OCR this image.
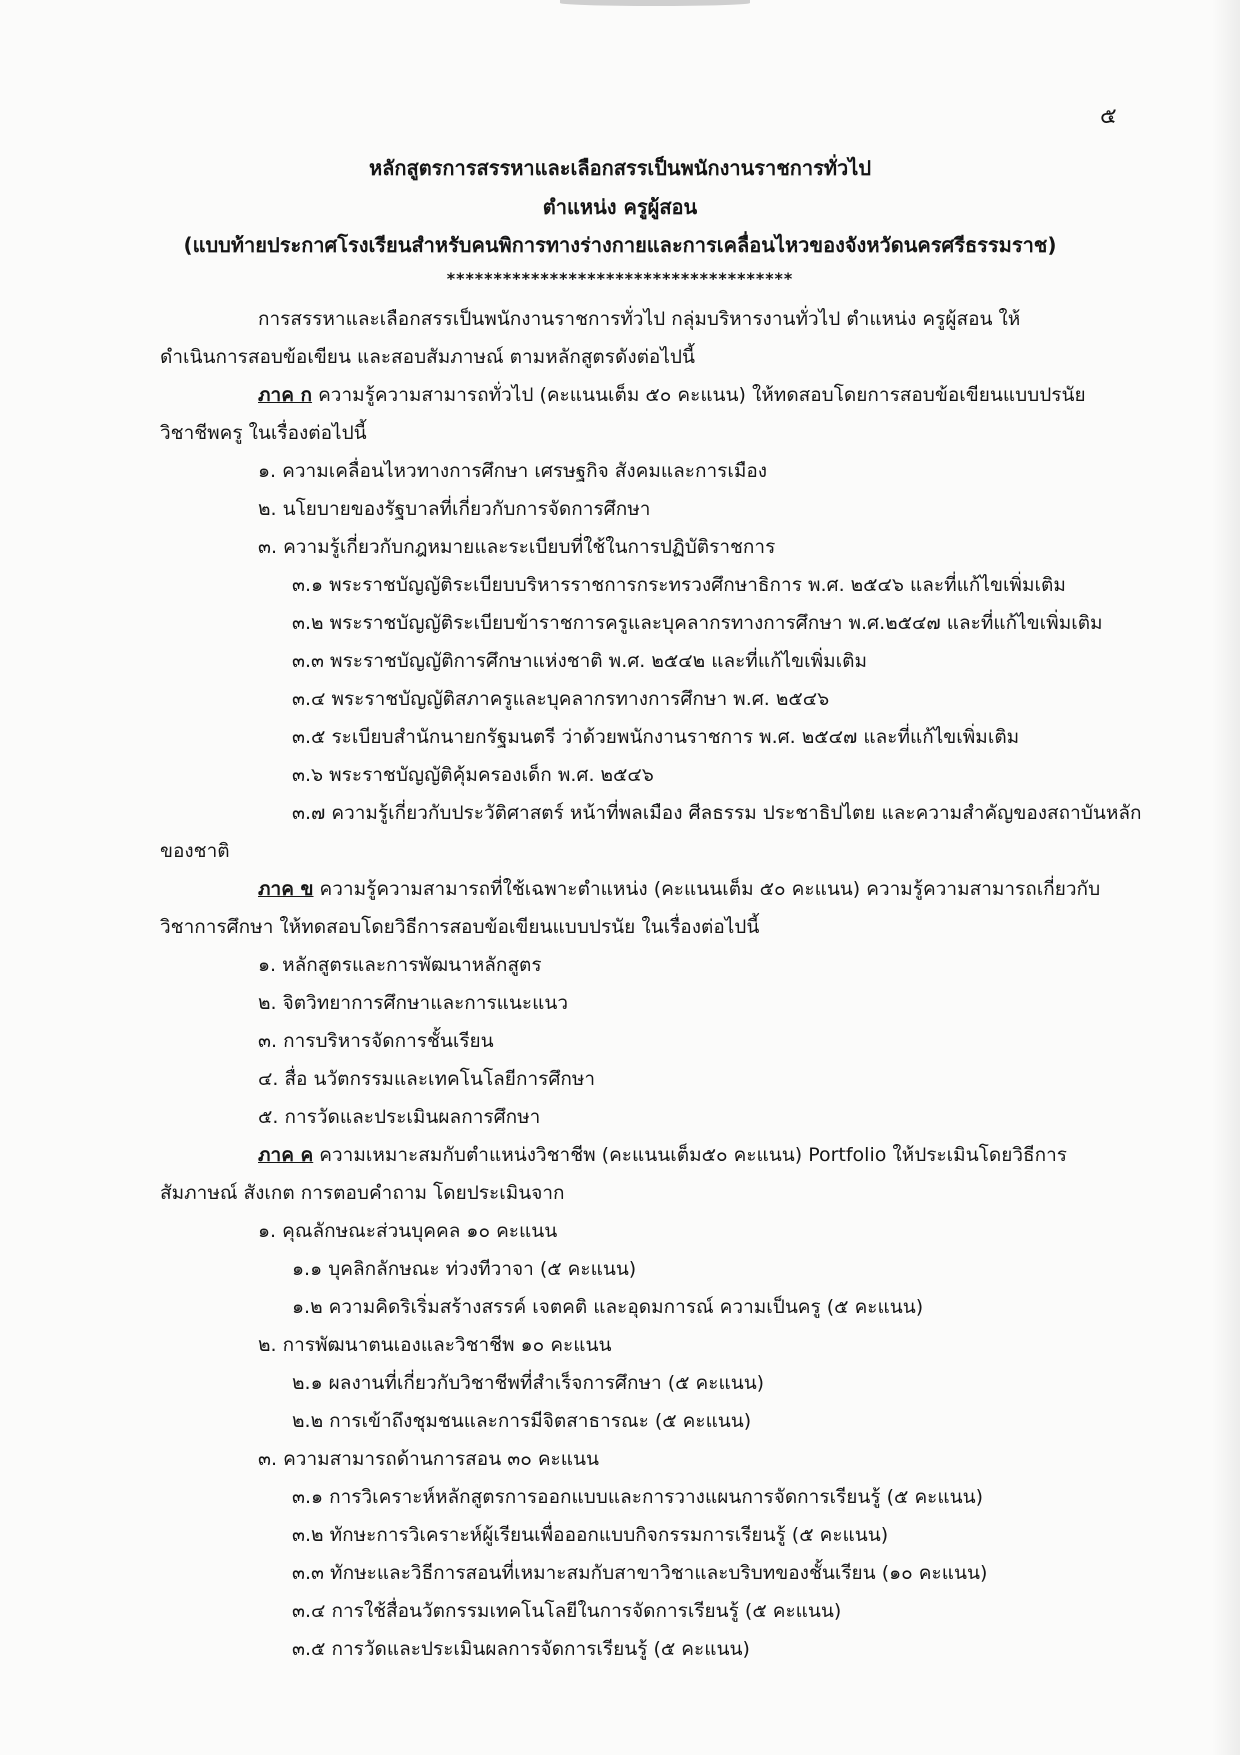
๕
หลักสูตรการสรรหาและเลือกสรรเป็นพนักงานราชการทั่วไป
ตำแหน่ง ครูผู้สอน
(แบบท้ายประกาศโรงเรียนสำหรับคนพิการทางร่างกายและการเคลื่อนไหวของจังหวัดนครศรีธรรมราช)
*************************************
การสรรหาและเลือกสรรเป็นพนักงานราชการทั่วไป กลุ่มบริหารงานทั่วไป ตำแหน่ง ครูผู้สอน ให้
ดำเนินการสอบข้อเขียน และสอบสัมภาษณ์ ตามหลักสูตรดังต่อไปนี้
ภาค ก ความรู้ความสามารถทั่วไป (คะแนนเต็ม ๕๐ คะแนน) ให้ทดสอบโดยการสอบข้อเขียนแบบปรนัย
วิชาชีพครู ในเรื่องต่อไปนี้
๑. ความเคลื่อนไหวทางการศึกษา เศรษฐกิจ สังคมและการเมือง
๒. นโยบายของรัฐบาลที่เกี่ยวกับการจัดการศึกษา
๓. ความรู้เกี่ยวกับกฎหมายและระเบียบที่ใช้ในการปฏิบัติราชการ
๓.๑ พระราชบัญญัติระเบียบบริหารราชการกระทรวงศึกษาธิการ พ.ศ. ๒๕๔๖ และที่แก้ไขเพิ่มเติม
๓.๒ พระราชบัญญัติระเบียบข้าราชการครูและบุคลากรทางการศึกษา พ.ศ.๒๕๔๗ และที่แก้ไขเพิ่มเติม
๓.๓ พระราชบัญญัติการศึกษาแห่งชาติ พ.ศ. ๒๕๔๒ และที่แก้ไขเพิ่มเติม
๓.๔ พระราชบัญญัติสภาครูและบุคลากรทางการศึกษา พ.ศ. ๒๕๔๖
๓.๕ ระเบียบสำนักนายกรัฐมนตรี ว่าด้วยพนักงานราชการ พ.ศ. ๒๕๔๗ และที่แก้ไขเพิ่มเติม
๓.๖ พระราชบัญญัติคุ้มครองเด็ก พ.ศ. ๒๕๔๖
๓.๗ ความรู้เกี่ยวกับประวัติศาสตร์ หน้าที่พลเมือง ศีลธรรม ประชาธิปไตย และความสำคัญของสถาบันหลัก
ของชาติ
ภาค ข ความรู้ความสามารถที่ใช้เฉพาะตำแหน่ง (คะแนนเต็ม ๕๐ คะแนน) ความรู้ความสามารถเกี่ยวกับ
วิชาการศึกษา ให้ทดสอบโดยวิธีการสอบข้อเขียนแบบปรนัย ในเรื่องต่อไปนี้
๑. หลักสูตรและการพัฒนาหลักสูตร
๒. จิตวิทยาการศึกษาและการแนะแนว
๓. การบริหารจัดการชั้นเรียน
๔. สื่อ นวัตกรรมและเทคโนโลยีการศึกษา
๕. การวัดและประเมินผลการศึกษา
ภาค ค ความเหมาะสมกับตำแหน่งวิชาชีพ (คะแนนเต็ม๕๐ คะแนน) Portfolio ให้ประเมินโดยวิธีการ
สัมภาษณ์ สังเกต การตอบคำถาม โดยประเมินจาก
๑. คุณลักษณะส่วนบุคคล ๑๐ คะแนน
๑.๑ บุคลิกลักษณะ ท่วงทีวาจา (๕ คะแนน)
๑.๒ ความคิดริเริ่มสร้างสรรค์ เจตคติ และอุดมการณ์ ความเป็นครู (๕ คะแนน)
๒. การพัฒนาตนเองและวิชาชีพ ๑๐ คะแนน
๒.๑ ผลงานที่เกี่ยวกับวิชาชีพที่สำเร็จการศึกษา (๕ คะแนน)
๒.๒ การเข้าถึงชุมชนและการมีจิตสาธารณะ (๕ คะแนน)
๓. ความสามารถด้านการสอน ๓๐ คะแนน
๓.๑ การวิเคราะห์หลักสูตรการออกแบบและการวางแผนการจัดการเรียนรู้ (๕ คะแนน)
๓.๒ ทักษะการวิเคราะห์ผู้เรียนเพื่อออกแบบกิจกรรมการเรียนรู้ (๕ คะแนน)
๓.๓ ทักษะและวิธีการสอนที่เหมาะสมกับสาขาวิชาและบริบทของชั้นเรียน (๑๐ คะแนน)
๓.๔ การใช้สื่อนวัตกรรมเทคโนโลยีในการจัดการเรียนรู้ (๕ คะแนน)
๓.๕ การวัดและประเมินผลการจัดการเรียนรู้ (๕ คะแนน)
